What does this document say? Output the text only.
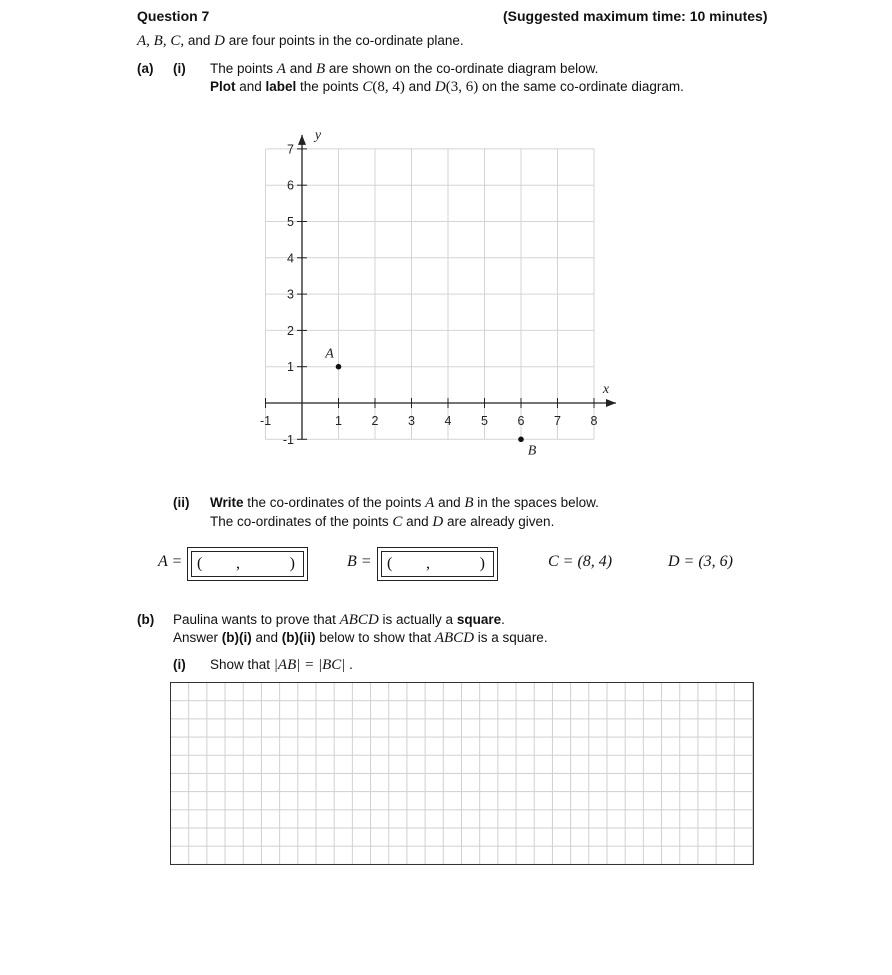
Question 7	(Suggested maximum time: 10 minutes)
A, B, C, and D are four points in the co-ordinate plane.
(a) (i) The points A and B are shown on the co-ordinate diagram below.
Plot and label the points C(8, 4) and D(3, 6) on the same co-ordinate diagram.
-1	1 2 3 4 5 6 7 8
-1
1
2
3
4
5
6
7
x
y
A
B
(ii) Write the co-ordinates of the points A and B in the spaces below.
The co-ordinates of the points C and D are already given.
A = ( ,	)	B = ( ,	)	C = (8, 4)	D = (3, 6)
(b) Paulina wants to prove that ABCD is actually a square.
Answer (b)(i) and (b)(ii) below to show that ABCD is a square.
(i) Show that |AB| = |BC| .
